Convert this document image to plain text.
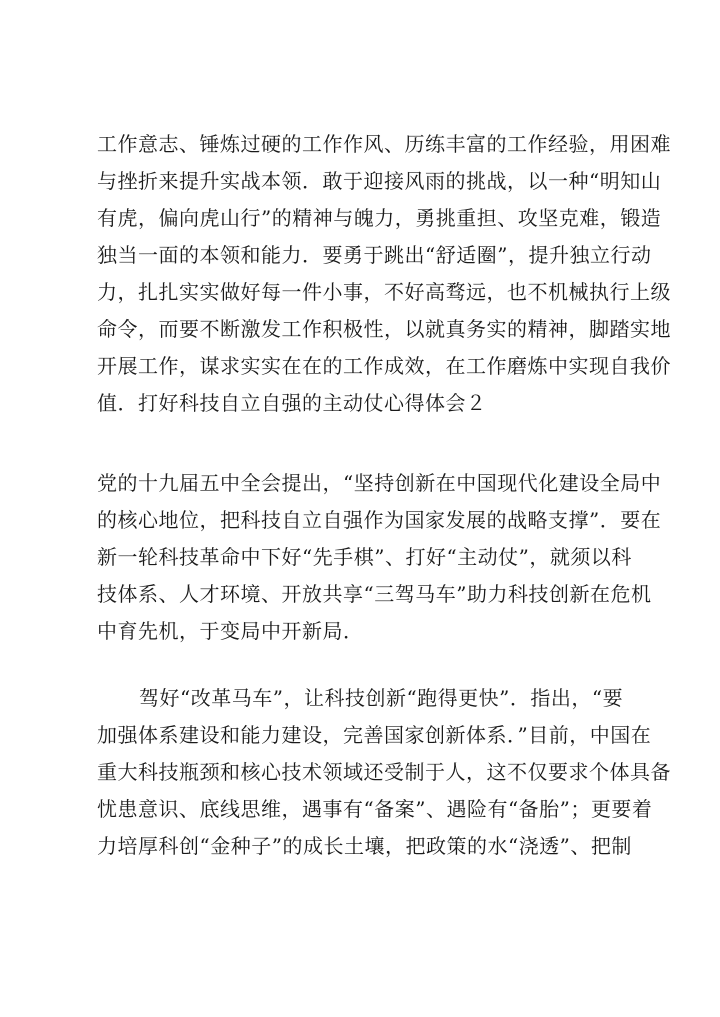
工作意志、锤炼过硬的工作作风、历练丰富的工作经验，用困难
与挫折来提升实战本领．敢于迎接风雨的挑战，以一种“明知山
有虎，偏向虎山行”的精神与魄力，勇挑重担、攻坚克难，锻造
独当一面的本领和能力．要勇于跳出“舒适圈”，提升独立行动
力，扎扎实实做好每一件小事，不好高骛远，也不机械执行上级
命令，而要不断激发工作积极性，以就真务实的精神，脚踏实地
开展工作，谋求实实在在的工作成效，在工作磨炼中实现自我价
值．打好科技自立自强的主动仗心得体会２
党的十九届五中全会提出，“坚持创新在中国现代化建设全局中
的核心地位，把科技自立自强作为国家发展的战略支撑”．要在
新一轮科技革命中下好“先手棋”、打好“主动仗”，就须以科
技体系、人才环境、开放共享“三驾马车”助力科技创新在危机
中育先机，于变局中开新局．
驾好“改革马车”，让科技创新“跑得更快”．指出，“要
加强体系建设和能力建设，完善国家创新体系．”目前，中国在
重大科技瓶颈和核心技术领域还受制于人，这不仅要求个体具备
忧患意识、底线思维，遇事有“备案”、遇险有“备胎”；更要着
力培厚科创“金种子”的成长土壤，把政策的水“浇透”、把制
